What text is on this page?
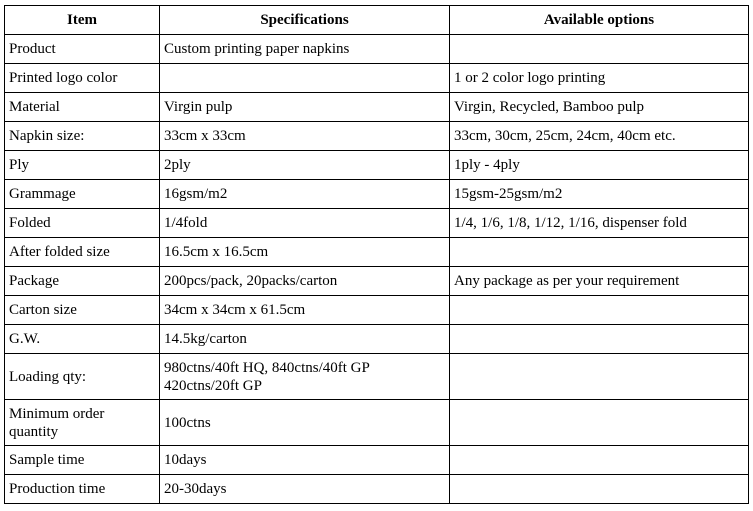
Item	Specifications	Available options
Product	Custom printing paper napkins	
Printed logo color		1 or 2 color logo printing
Material	Virgin pulp	Virgin, Recycled, Bamboo pulp
Napkin size:	33cm x 33cm	33cm, 30cm, 25cm, 24cm, 40cm etc.
Ply	2ply	1ply - 4ply
Grammage	16gsm/m2	15gsm-25gsm/m2
Folded	1/4fold	1/4, 1/6, 1/8, 1/12, 1/16, dispenser fold
After folded size	16.5cm x 16.5cm	
Package	200pcs/pack, 20packs/carton	Any package as per your requirement
Carton size	34cm x 34cm x 61.5cm	
G.W.	14.5kg/carton	
Loading qty:	980ctns/40ft HQ, 840ctns/40ft GP
420ctns/20ft GP	

Minimum order
quantity	100ctns	
Sample time	10days	
Production time	20-30days	
